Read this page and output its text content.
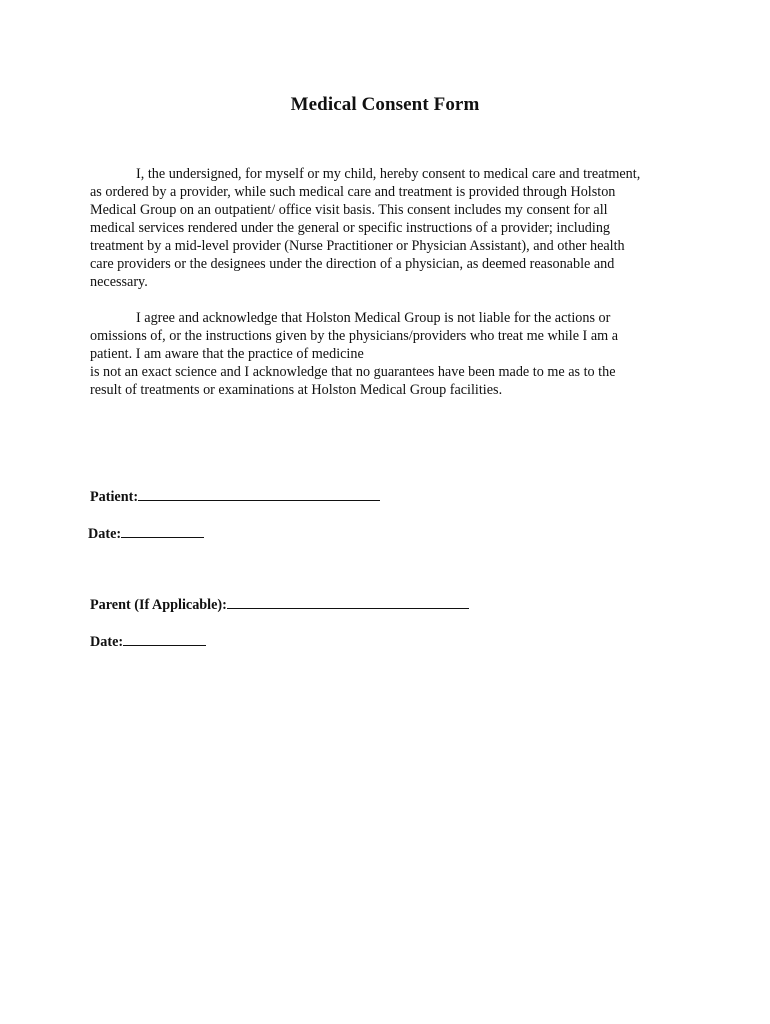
Medical Consent Form
I, the undersigned, for myself or my child, hereby consent to medical care and treatment,
as ordered by a provider, while such medical care and treatment is provided through Holston
Medical Group on an outpatient/ office visit basis. This consent includes my consent for all
medical services rendered under the general or specific instructions of a provider; including
treatment by a mid-level provider (Nurse Practitioner or Physician Assistant), and other health
care providers or the designees under the direction of a physician, as deemed reasonable and
necessary.
I agree and acknowledge that Holston Medical Group is not liable for the actions or
omissions of, or the instructions given by the physicians/providers who treat me while I am a
patient. I am aware that the practice of medicine
is not an exact science and I acknowledge that no guarantees have been made to me as to the
result of treatments or examinations at Holston Medical Group facilities.
Patient:
Date:
Parent (If Applicable):
Date:
